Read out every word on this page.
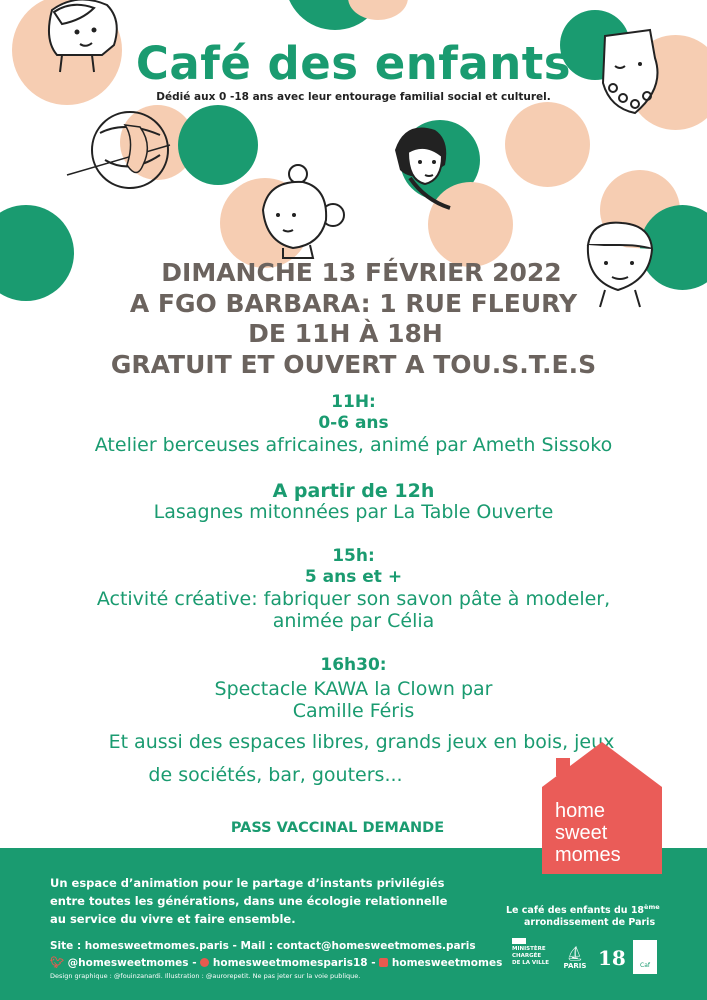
Café des enfants
Dédié aux 0 -18 ans avec leur entourage familial social et culturel.
DIMANCHE 13 FÉVRIER 2022
A FGO BARBARA: 1 RUE FLEURY
DE 11H À 18H
GRATUIT ET OUVERT A TOU.S.T.E.S
11H:
0-6 ans
Atelier berceuses africaines, animé par Ameth Sissoko
A partir de 12h
Lasagnes mitonnées par La Table Ouverte
15h:
5 ans et +
Activité créative: fabriquer son savon pâte à modeler,
animée par Célia
16h30:
Spectacle KAWA la Clown par
Camille Féris
Et aussi des espaces libres, grands jeux en bois, jeux
de sociétés, bar, gouters...
PASS VACCINAL DEMANDE
Un espace d’animation pour le partage d’instants privilégiés
entre toutes les générations, dans une écologie relationnelle
au service du vivre et faire ensemble.
Le café des enfants du 18ème
arrondissement de Paris
Site : homesweetmomes.paris - Mail : contact@homesweetmomes.paris
🐦︎ @homesweetmomes - homesweetmomesparis18 - homesweetmomes
Design graphique : @fouinzanardi. Illustration : @aurorepetit. Ne pas jeter sur la voie publique.
MINISTÈRE
CHARGÉE
DE LA VILLE
⛵︎
PARIS 18	Caf
home
sweet
momes
